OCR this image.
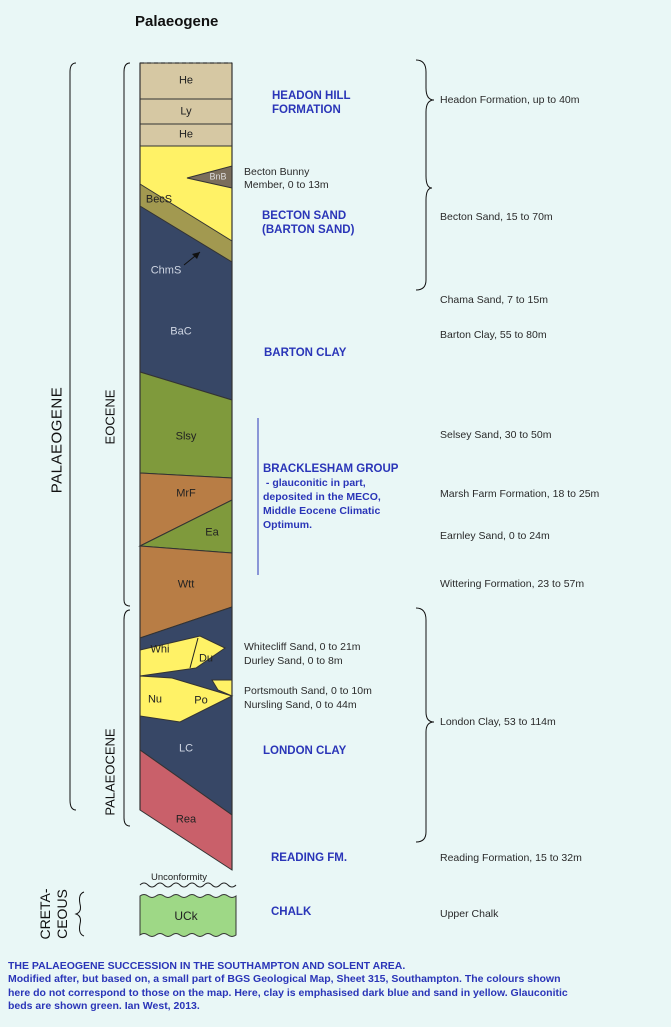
Palaeogene
PALAEOGENE	EOCENE
PALAEOCENE
CRETA- CEOUS
He
Ly
He
BnB
BecS
ChmS
BaC
Slsy
MrF
Ea
Wtt
Whi
Du
Nu	Po
LC
Rea
UCk
Unconformity
HEADON HILL
FORMATION
BECTON SAND
(BARTON SAND)
BARTON CLAY
BRACKLESHAM GROUP
- glauconitic in part,
deposited in the MECO,
Middle Eocene Climatic
Optimum.
LONDON CLAY
READING FM.
CHALK
Becton Bunny
Member, 0 to 13m
Whitecliff Sand, 0 to 21m
Durley Sand, 0 to 8m
Portsmouth Sand, 0 to 10m
Nursling Sand, 0 to 44m
Headon Formation, up to 40m
Becton Sand, 15 to 70m
Chama Sand, 7 to 15m
Barton Clay, 55 to 80m
Selsey Sand, 30 to 50m
Marsh Farm Formation, 18 to 25m
Earnley Sand, 0 to 24m
Wittering Formation, 23 to 57m
London Clay, 53 to 114m
Reading Formation, 15 to 32m
Upper Chalk
THE PALAEOGENE SUCCESSION IN THE SOUTHAMPTON AND SOLENT AREA.
Modified after, but based on, a small part of BGS Geological Map, Sheet 315, Southampton. The colours shown
here do not correspond to those on the map. Here, clay is emphasised dark blue and sand in yellow. Glauconitic
beds are shown green. Ian West, 2013.
